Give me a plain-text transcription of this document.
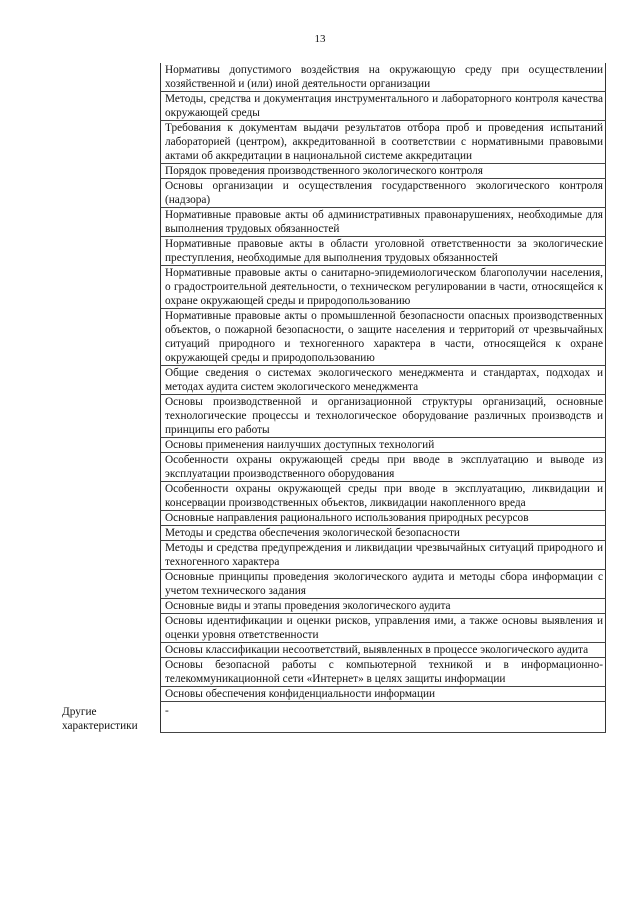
13
	Нормативы допустимого воздействия на окружающую среду при осуществлении хозяйственной и (или) иной деятельности организации
	Методы, средства и документация инструментального и лабораторного контроля качества окружающей среды
	Требования к документам выдачи результатов отбора проб и проведения испытаний лабораторией (центром), аккредитованной в соответствии с нормативными правовыми актами об аккредитации в национальной системе аккредитации
	Порядок проведения производственного экологического контроля
	Основы организации и осуществления государственного экологического контроля (надзора)
	Нормативные правовые акты об административных правонарушениях, необходимые для выполнения трудовых обязанностей
	Нормативные правовые акты в области уголовной ответственности за экологические преступления, необходимые для выполнения трудовых обязанностей
	Нормативные правовые акты о санитарно-эпидемиологическом благополучии населения, о градостроительной деятельности, о техническом регулировании в части, относящейся к охране окружающей среды и природопользованию
	Нормативные правовые акты о промышленной безопасности опасных производственных объектов, о пожарной безопасности, о защите населения и территорий от чрезвычайных ситуаций природного и техногенного характера в части, относящейся к охране окружающей среды и природопользованию
	Общие сведения о системах экологического менеджмента и стандартах, подходах и методах аудита систем экологического менеджмента
	Основы производственной и организационной структуры организаций, основные технологические процессы и технологическое оборудование различных производств и принципы его работы
	Основы применения наилучших доступных технологий
	Особенности охраны окружающей среды при вводе в эксплуатацию и выводе из эксплуатации производственного оборудования
	Особенности охраны окружающей среды при вводе в эксплуатацию, ликвидации и консервации производственных объектов, ликвидации накопленного вреда
	Основные направления рационального использования природных ресурсов
	Методы и средства обеспечения экологической безопасности
	Методы и средства предупреждения и ликвидации чрезвычайных ситуаций природного и техногенного характера
	Основные принципы проведения экологического аудита и методы сбора информации с учетом технического задания
	Основные виды и этапы проведения экологического аудита
	Основы идентификации и оценки рисков, управления ими, а также основы выявления и оценки уровня ответственности
	Основы классификации несоответствий, выявленных в процессе экологического аудита
	Основы безопасной работы с компьютерной техникой и в информационно-телекоммуникационной сети «Интернет» в целях защиты информации
	Основы обеспечения конфиденциальности информации
Другие характеристики	-
